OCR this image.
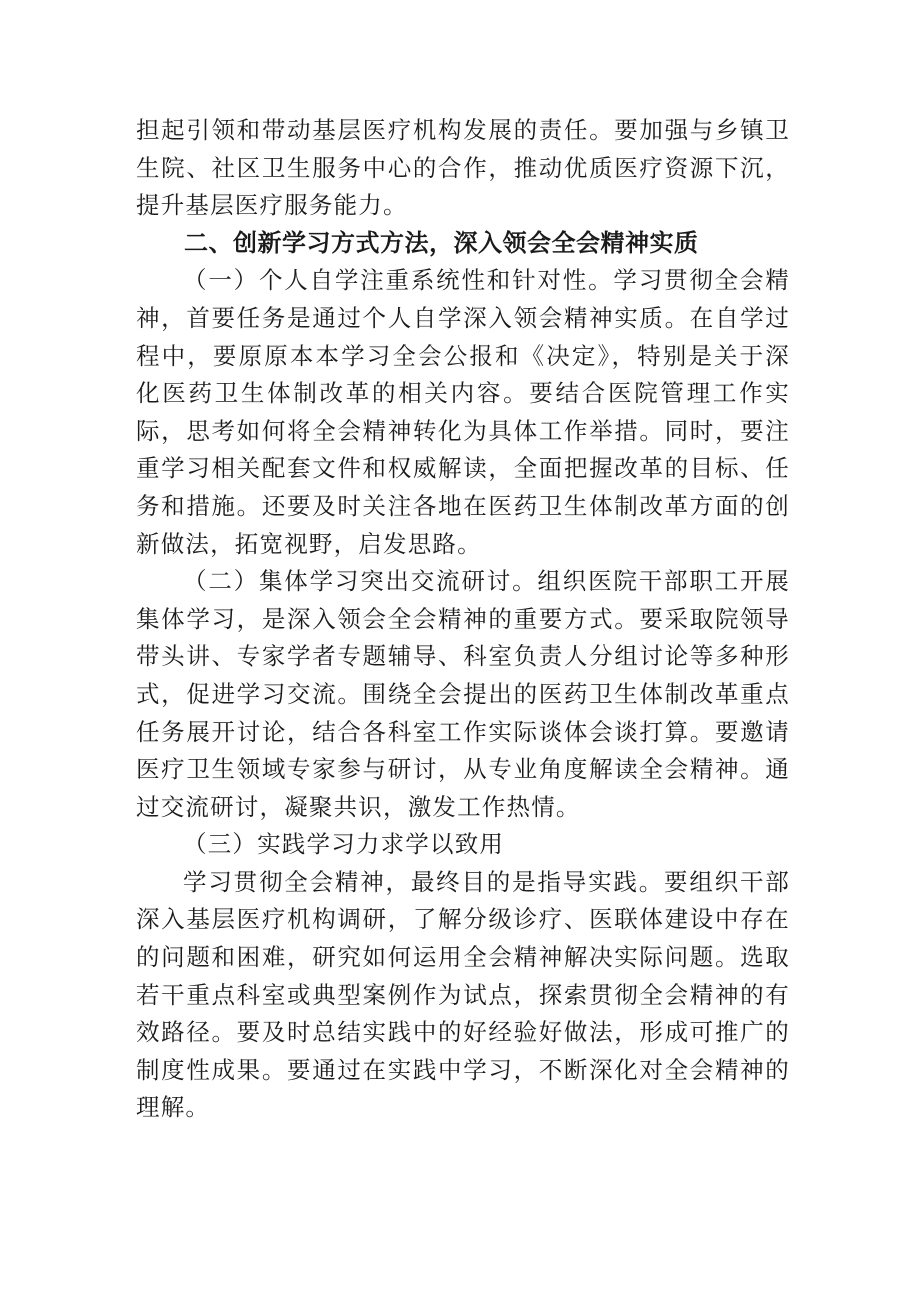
担起引领和带动基层医疗机构发展的责任。要加强与乡镇卫生院、社区卫生服务中心的合作，推动优质医疗资源下沉，提升基层医疗服务能力。

二、创新学习方式方法，深入领会全会精神实质

（一）个人自学注重系统性和针对性。学习贯彻全会精神，首要任务是通过个人自学深入领会精神实质。在自学过程中，要原原本本学习全会公报和《决定》，特别是关于深化医药卫生体制改革的相关内容。要结合医院管理工作实际，思考如何将全会精神转化为具体工作举措。同时，要注重学习相关配套文件和权威解读，全面把握改革的目标、任务和措施。还要及时关注各地在医药卫生体制改革方面的创新做法，拓宽视野，启发思路。

（二）集体学习突出交流研讨。组织医院干部职工开展集体学习，是深入领会全会精神的重要方式。要采取院领导带头讲、专家学者专题辅导、科室负责人分组讨论等多种形式，促进学习交流。围绕全会提出的医药卫生体制改革重点任务展开讨论，结合各科室工作实际谈体会谈打算。要邀请医疗卫生领域专家参与研讨，从专业角度解读全会精神。通过交流研讨，凝聚共识，激发工作热情。

（三）实践学习力求学以致用

学习贯彻全会精神，最终目的是指导实践。要组织干部深入基层医疗机构调研，了解分级诊疗、医联体建设中存在的问题和困难，研究如何运用全会精神解决实际问题。选取若干重点科室或典型案例作为试点，探索贯彻全会精神的有效路径。要及时总结实践中的好经验好做法，形成可推广的制度性成果。要通过在实践中学习，不断深化对全会精神的理解。
